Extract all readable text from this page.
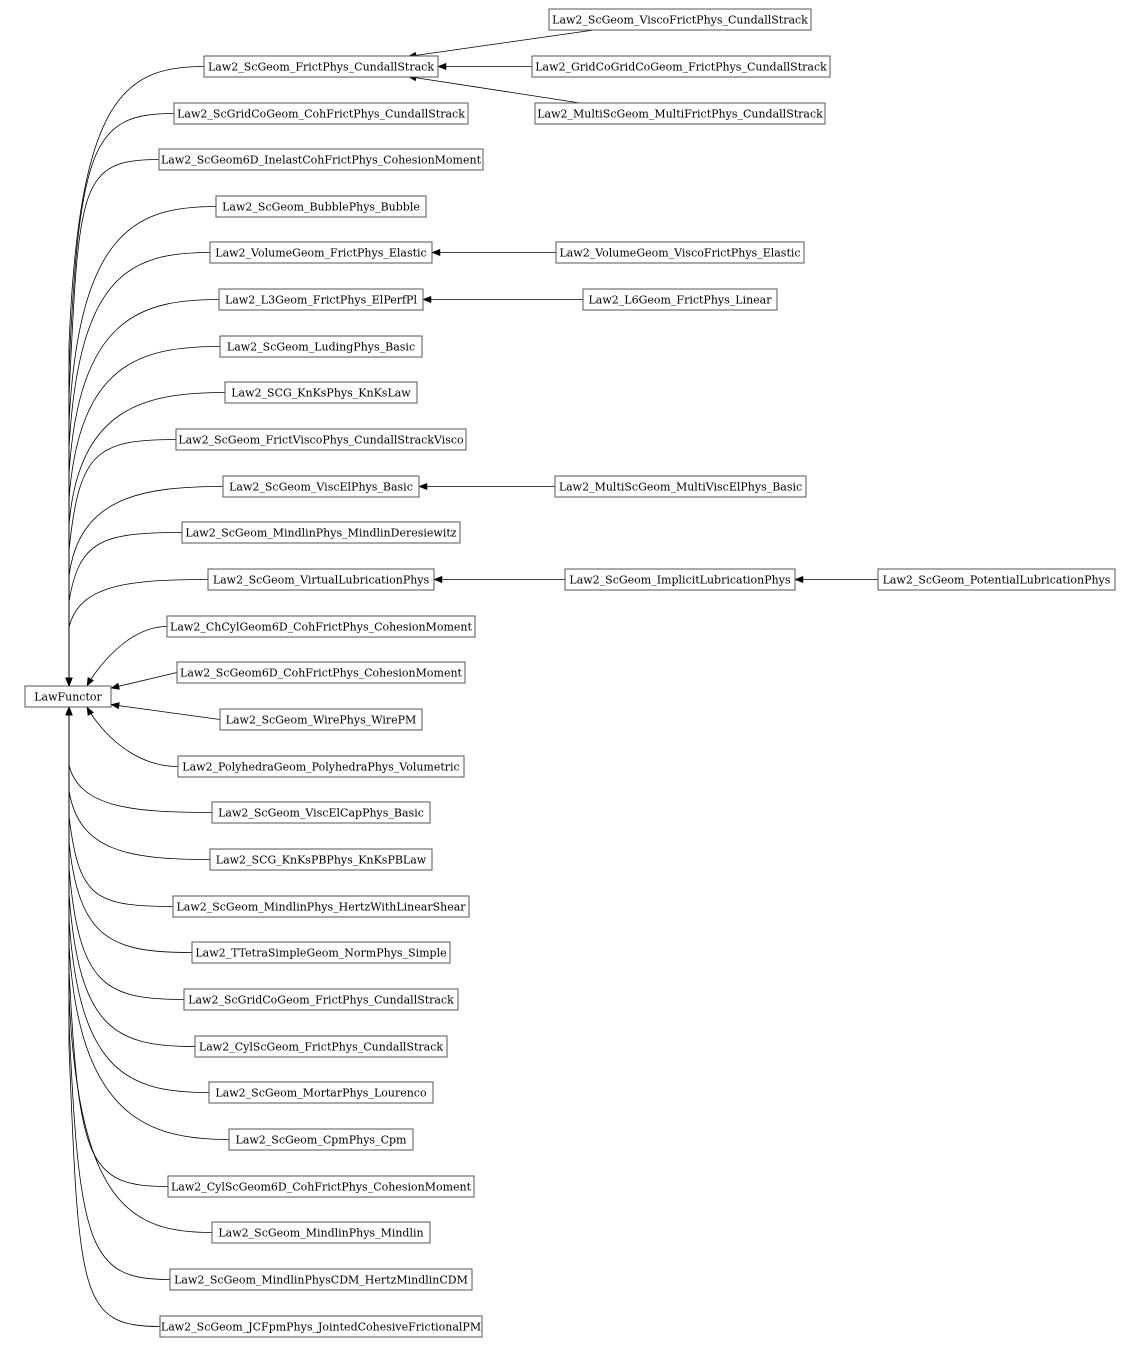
LawFunctor
Law2_ScGeom_FrictPhys_CundallStrack
Law2_ScGridCoGeom_CohFrictPhys_CundallStrack
Law2_ScGeom6D_InelastCohFrictPhys_CohesionMoment
Law2_ScGeom_BubblePhys_Bubble
Law2_VolumeGeom_FrictPhys_Elastic
Law2_L3Geom_FrictPhys_ElPerfPl
Law2_ScGeom_LudingPhys_Basic
Law2_SCG_KnKsPhys_KnKsLaw
Law2_ScGeom_FrictViscoPhys_CundallStrackVisco
Law2_ScGeom_ViscElPhys_Basic
Law2_ScGeom_MindlinPhys_MindlinDeresiewitz
Law2_ScGeom_VirtualLubricationPhys
Law2_ChCylGeom6D_CohFrictPhys_CohesionMoment
Law2_ScGeom6D_CohFrictPhys_CohesionMoment
Law2_ScGeom_WirePhys_WirePM
Law2_PolyhedraGeom_PolyhedraPhys_Volumetric
Law2_ScGeom_ViscElCapPhys_Basic
Law2_SCG_KnKsPBPhys_KnKsPBLaw
Law2_ScGeom_MindlinPhys_HertzWithLinearShear
Law2_TTetraSimpleGeom_NormPhys_Simple
Law2_ScGridCoGeom_FrictPhys_CundallStrack
Law2_CylScGeom_FrictPhys_CundallStrack
Law2_ScGeom_MortarPhys_Lourenco
Law2_ScGeom_CpmPhys_Cpm
Law2_CylScGeom6D_CohFrictPhys_CohesionMoment
Law2_ScGeom_MindlinPhys_Mindlin
Law2_ScGeom_MindlinPhysCDM_HertzMindlinCDM
Law2_ScGeom_JCFpmPhys_JointedCohesiveFrictionalPM
Law2_ScGeom_ViscoFrictPhys_CundallStrack
Law2_GridCoGridCoGeom_FrictPhys_CundallStrack
Law2_MultiScGeom_MultiFrictPhys_CundallStrack
Law2_VolumeGeom_ViscoFrictPhys_Elastic
Law2_L6Geom_FrictPhys_Linear
Law2_MultiScGeom_MultiViscElPhys_Basic
Law2_ScGeom_ImplicitLubricationPhys	Law2_ScGeom_PotentialLubricationPhys
